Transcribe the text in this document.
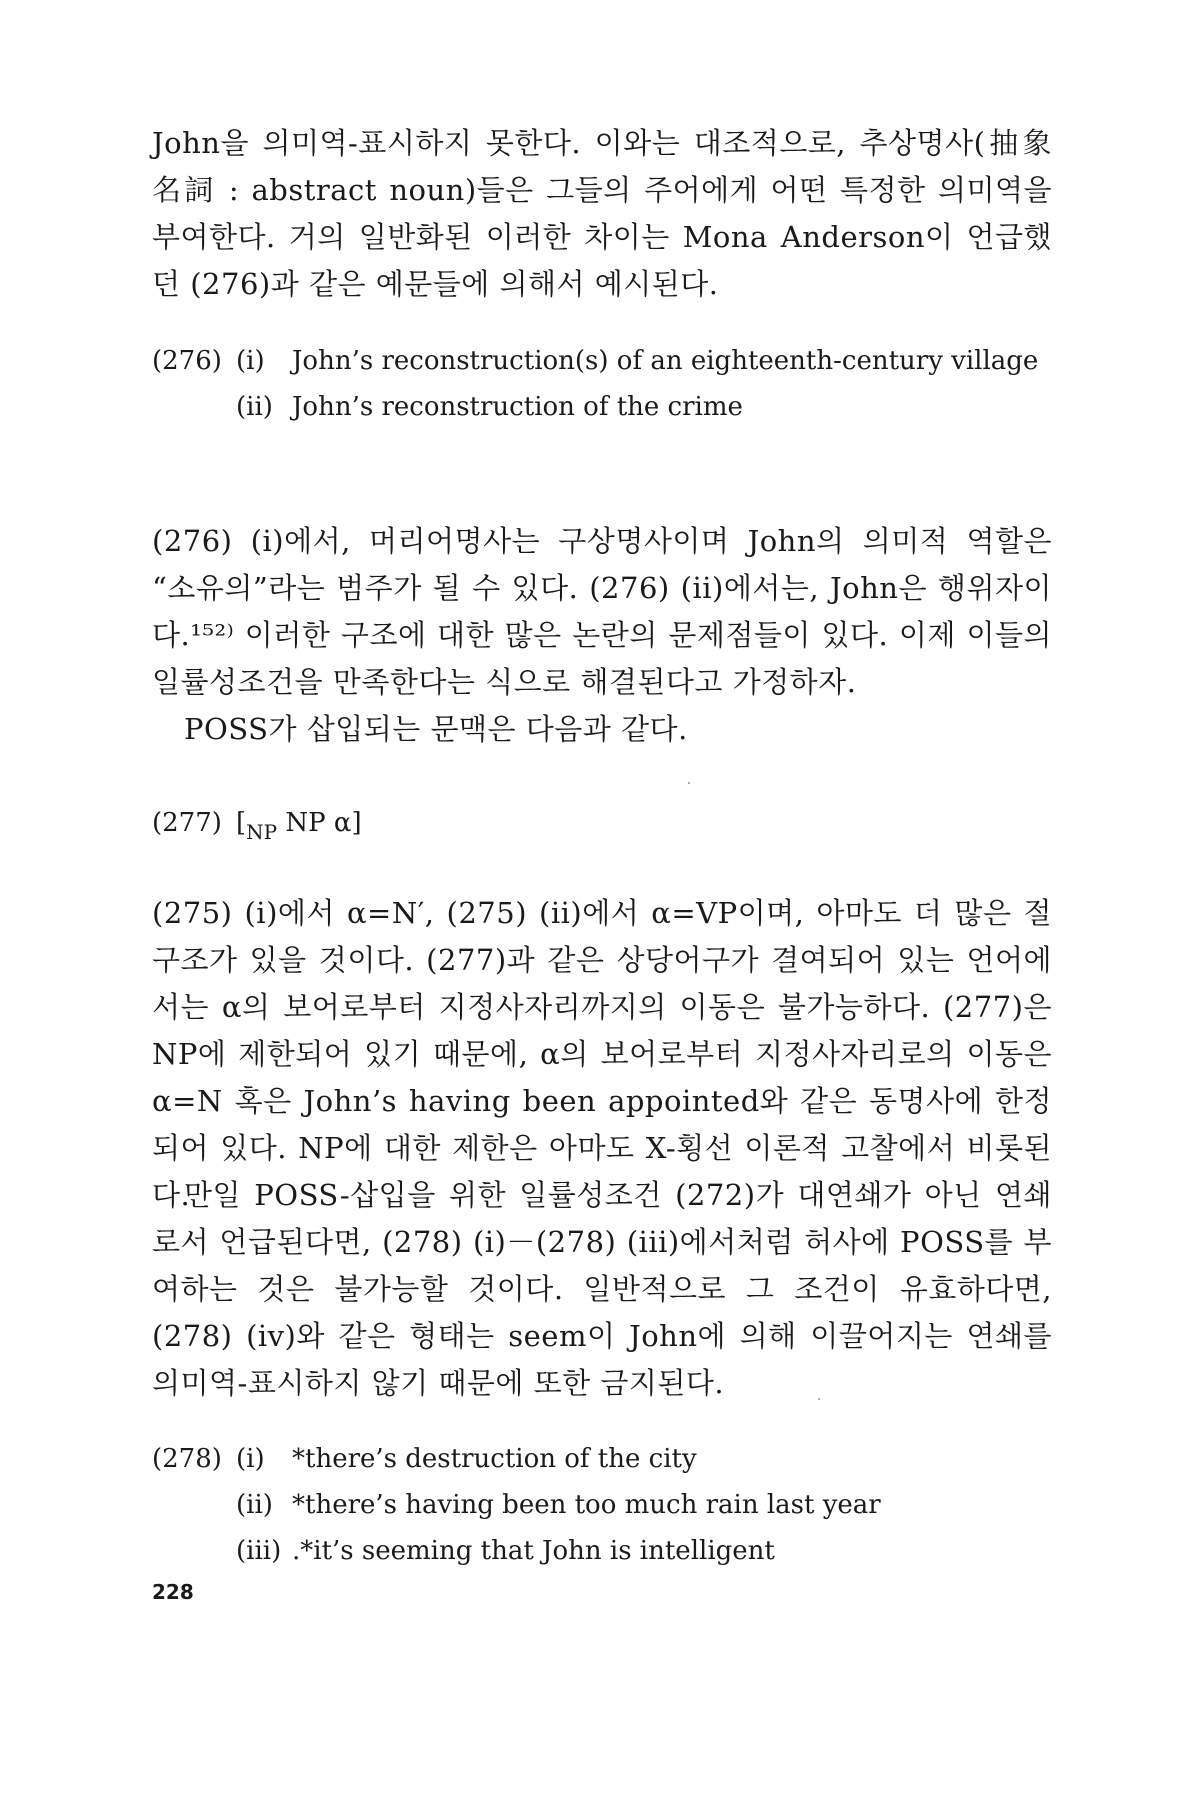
John을 의미역-표시하지 못한다. 이와는 대조적으로, 추상명사(抽象名詞 : abstract noun)들은 그들의 주어에게 어떤 특정한 의미역을 부여한다. 거의 일반화된 이러한 차이는 Mona Anderson이 언급했던 (276)과 같은 예문들에 의해서 예시된다.

(276) (i) John’s reconstruction(s) of an eighteenth-century village
(ii) John’s reconstruction of the crime

(276) (i)에서, 머리어명사는 구상명사이며 John의 의미적 역할은 “소유의”라는 범주가 될 수 있다. (276) (ii)에서는, John은 행위자이다.¹⁵²⁾ 이러한 구조에 대한 많은 논란의 문제점들이 있다. 이제 이들의 일률성조건을 만족한다는 식으로 해결된다고 가정하자.

POSS가 삽입되는 문맥은 다음과 같다.

(277) [$_{NP}$ NP α]

(275) (i)에서 α=N′, (275) (ii)에서 α=VP이며, 아마도 더 많은 절구조가 있을 것이다. (277)과 같은 상당어구가 결여되어 있는 언어에서는 α의 보어로부터 지정사자리까지의 이동은 불가능하다. (277)은 NP에 제한되어 있기 때문에, α의 보어로부터 지정사자리로의 이동은 α=N 혹은 John’s having been appointed와 같은 동명사에 한정되어 있다. NP에 대한 제한은 아마도 X-횡선 이론적 고찰에서 비롯된다.

만일 POSS-삽입을 위한 일률성조건 (272)가 대연쇄가 아닌 연쇄로서 언급된다면, (278) (i)－(278) (iii)에서처럼 허사에 POSS를 부여하는 것은 불가능할 것이다. 일반적으로 그 조건이 유효하다면, (278) (iv)와 같은 형태는 seem이 John에 의해 이끌어지는 연쇄를 의미역-표시하지 않기 때문에 또한 금지된다.

(278) (i) *there’s destruction of the city
(ii) *there’s having been too much rain last year
(iii) .*it’s seeming that John is intelligent
228
